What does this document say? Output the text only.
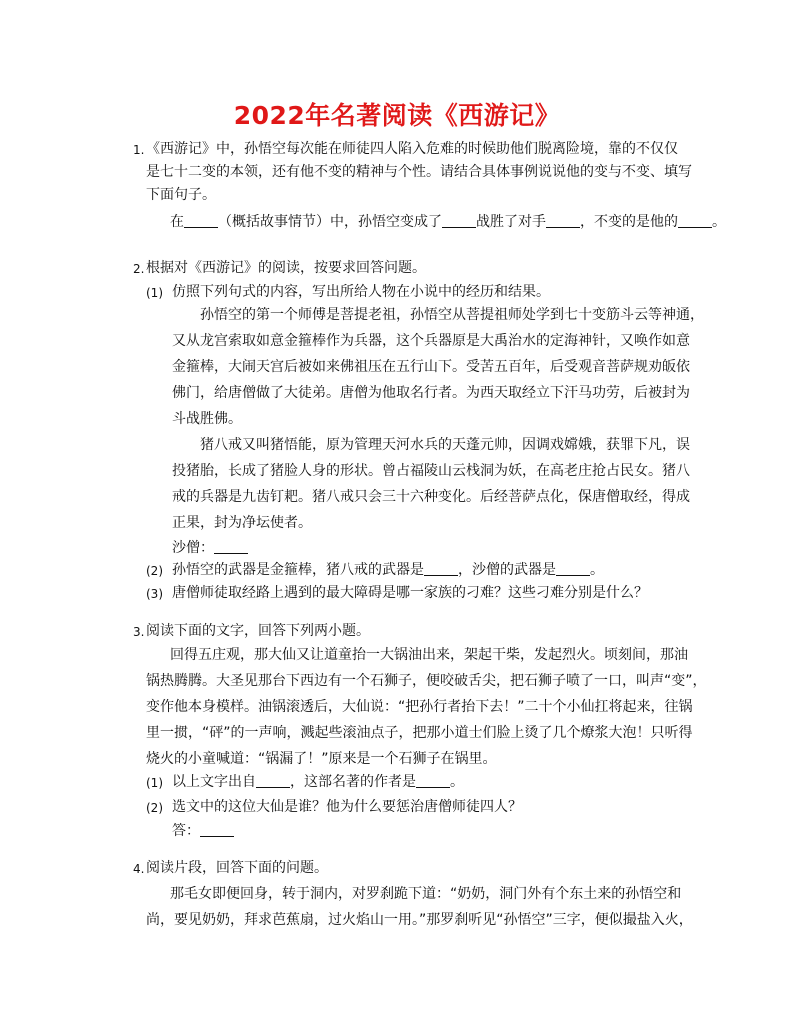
2022年名著阅读《西游记》
1. 《西游记》中，孙悟空每次能在师徒四人陷入危难的时候助他们脱离险境，靠的不仅仅
是七十二变的本领，还有他不变的精神与个性。请结合具体事例说说他的变与不变、填写
下面句子。
在 （概括故事情节）中，孙悟空变成了 战胜了对手 ，不变的是他的 。
2. 根据对《西游记》的阅读，按要求回答问题。
(1) 仿照下列句式的内容，写出所给人物在小说中的经历和结果。
孙悟空的第一个师傅是菩提老祖，孙悟空从菩提祖师处学到七十变筋斗云等神通，
又从龙宫索取如意金箍棒作为兵器，这个兵器原是大禹治水的定海神针，又唤作如意
金箍棒，大闹天宫后被如来佛祖压在五行山下。受苦五百年，后受观音菩萨规劝皈依
佛门，给唐僧做了大徒弟。唐僧为他取名行者。为西天取经立下汗马功劳，后被封为
斗战胜佛。
猪八戒又叫猪悟能，原为管理天河水兵的天蓬元帅，因调戏嫦娥，获罪下凡，误
投猪胎，长成了猪脸人身的形状。曾占福陵山云栈洞为妖，在高老庄抢占民女。猪八
戒的兵器是九齿钉耙。猪八戒只会三十六种变化。后经菩萨点化，保唐僧取经，得成
正果，封为净坛使者。
沙僧：
(2) 孙悟空的武器是金箍棒，猪八戒的武器是 ，沙僧的武器是 。
(3) 唐僧师徒取经路上遇到的最大障碍是哪一家族的刁难？这些刁难分别是什么？
3. 阅读下面的文字，回答下列两小题。
回得五庄观，那大仙又让道童抬一大锅油出来，架起干柴，发起烈火。顷刻间，那油
锅热腾腾。大圣见那台下西边有一个石狮子，便咬破舌尖，把石狮子喷了一口，叫声“变”，
变作他本身模样。油锅滚透后，大仙说：“把孙行者抬下去！”二十个小仙扛将起来，往锅
里一掼，“砰”的一声响，溅起些滚油点子，把那小道士们脸上烫了几个燎浆大泡！只听得
烧火的小童喊道：“锅漏了！”原来是一个石狮子在锅里。
(1) 以上文字出自 ，这部名著的作者是 。
(2) 选文中的这位大仙是谁？他为什么要惩治唐僧师徒四人？
答：
4. 阅读片段，回答下面的问题。
那毛女即便回身，转于洞内，对罗刹跪下道：“奶奶，洞门外有个东土来的孙悟空和
尚，要见奶奶，拜求芭蕉扇，过火焰山一用。”那罗刹听见“孙悟空”三字，便似撮盐入火，
